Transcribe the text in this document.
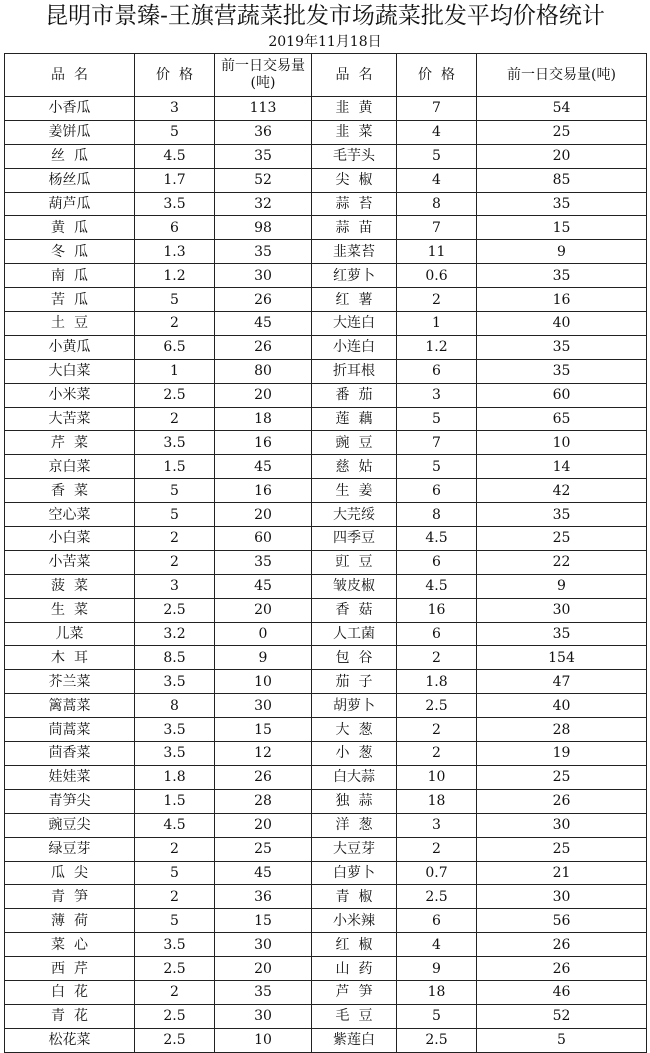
昆明市景臻-王旗营蔬菜批发市场蔬菜批发平均价格统计
2019年11月18日
品  名	价  格	前一日交易量(吨)	品  名	价  格	前一日交易量(吨)
小香瓜	3	113	韭  黄	7	54
姜饼瓜	5	36	韭  菜	4	25
丝  瓜	4.5	35	毛芋头	5	20
杨丝瓜	1.7	52	尖  椒	4	85
葫芦瓜	3.5	32	蒜  苔	8	35
黄  瓜	6	98	蒜  苗	7	15
冬  瓜	1.3	35	韭菜苔	11	9
南  瓜	1.2	30	红萝卜	0.6	35
苦  瓜	5	26	红  薯	2	16
土  豆	2	45	大连白	1	40
小黄瓜	6.5	26	小连白	1.2	35
大白菜	1	80	折耳根	6	35
小米菜	2.5	20	番  茄	3	60
大苦菜	2	18	莲  藕	5	65
芹  菜	3.5	16	豌  豆	7	10
京白菜	1.5	45	慈  姑	5	14
香  菜	5	16	生  姜	6	42
空心菜	5	20	大芫绥	8	35
小白菜	2	60	四季豆	4.5	25
小苦菜	2	35	豇  豆	6	22
菠  菜	3	45	皱皮椒	4.5	9
生  菜	2.5	20	香  菇	16	30
儿菜	3.2	0	人工菌	6	35
木  耳	8.5	9	包  谷	2	154
芥兰菜	3.5	10	茄  子	1.8	47
篱蒿菜	8	30	胡萝卜	2.5	40
茼蒿菜	3.5	15	大  葱	2	28
茴香菜	3.5	12	小  葱	2	19
娃娃菜	1.8	26	白大蒜	10	25
青笋尖	1.5	28	独  蒜	18	26
豌豆尖	4.5	20	洋  葱	3	30
绿豆芽	2	25	大豆芽	2	25
瓜  尖	5	45	白萝卜	0.7	21
青  笋	2	36	青  椒	2.5	30
薄  荷	5	15	小米辣	6	56
菜  心	3.5	30	红  椒	4	26
西  芹	2.5	20	山  药	9	26
白  花	2	35	芦  笋	18	46
青  花	2.5	30	毛  豆	5	52
松花菜	2.5	10	紫莲白	2.5	5
